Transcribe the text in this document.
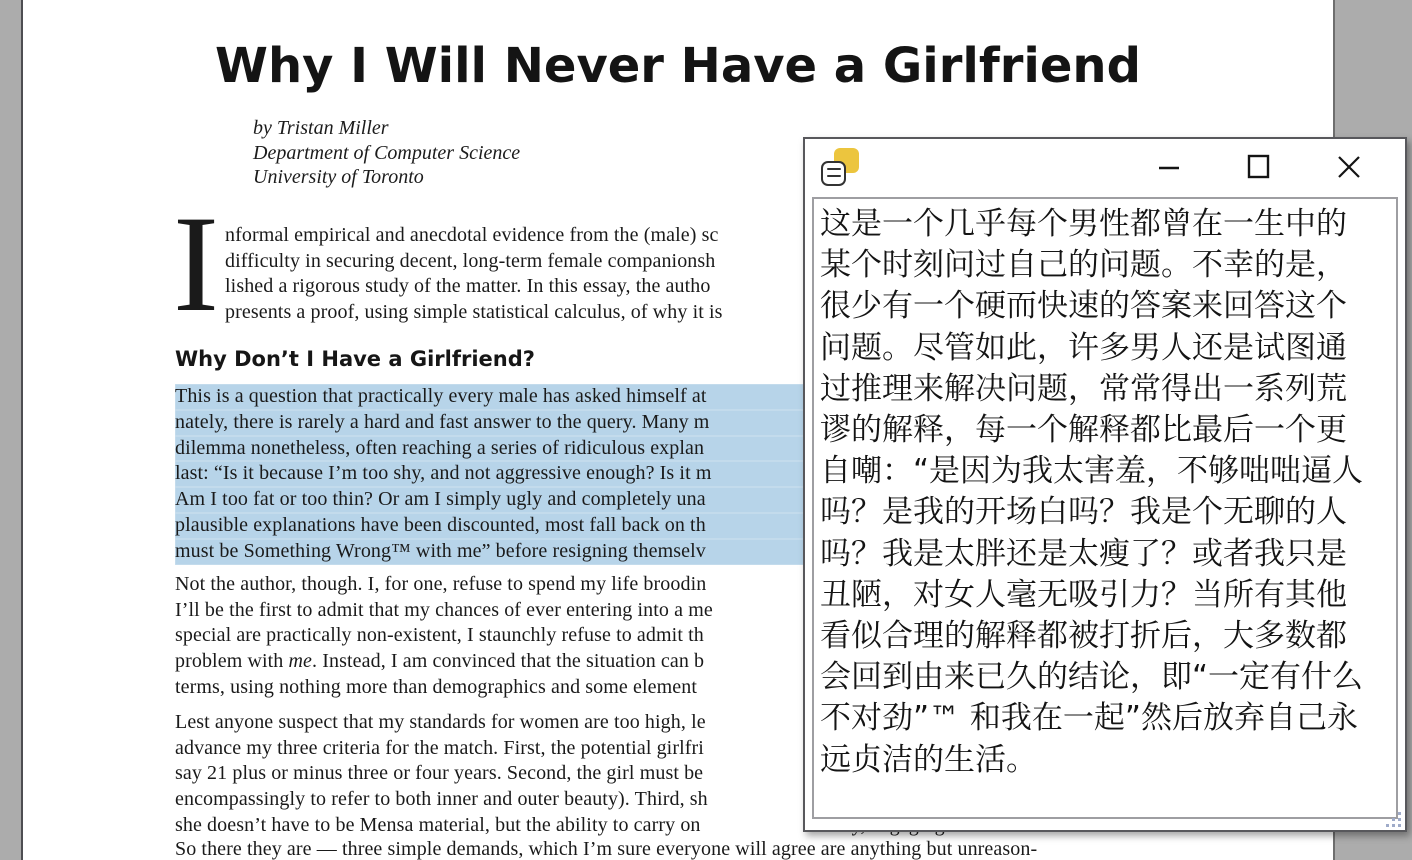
Why I Will Never Have a Girlfriend
by Tristan Miller
Department of Computer Science
University of Toronto
I nformal empirical and anecdotal evidence from the (male) sc
difficulty in securing decent, long-term female companionsh
lished a rigorous study of the matter. In this essay, the autho
presents a proof, using simple statistical calculus, of why it is
Why Don’t I Have a Girlfriend?
This is a question that practically every male has asked himself at
nately, there is rarely a hard and fast answer to the query. Many m
dilemma nonetheless, often reaching a series of ridiculous explan
last: “Is it because I’m too shy, and not aggressive enough? Is it m
Am I too fat or too thin? Or am I simply ugly and completely una
plausible explanations have been discounted, most fall back on th
must be Something Wrong™ with me” before resigning themselv
Not the author, though. I, for one, refuse to spend my life broodin
I’ll be the first to admit that my chances of ever entering into a me
special are practically non-existent, I staunchly refuse to admit th
problem with me. Instead, I am convinced that the situation can b
terms, using nothing more than demographics and some element
Lest anyone suspect that my standards for women are too high, le
advance my three criteria for the match. First, the potential girlfri
say 21 plus or minus three or four years. Second, the girl must be
encompassingly to refer to both inner and outer beauty). Third, sh
she doesn’t have to be Mensa material, but the ability to carry on
So there they are — three simple demands, which I’m sure everyone will agree are anything but unreason-
这是一个几乎每个男性都曾在一生中的
某个时刻问过自己的问题。不幸的是，
很少有一个硬而快速的答案来回答这个
问题。尽管如此，许多男人还是试图通
过推理来解决问题，常常得出一系列荒
谬的解释，每一个解释都比最后一个更
自嘲：“是因为我太害羞，不够咄咄逼人
吗？是我的开场白吗？我是个无聊的人
吗？我是太胖还是太瘦了？或者我只是
丑陋，对女人毫无吸引力？当所有其他
看似合理的解释都被打折后，大多数都
会回到由来已久的结论，即“一定有什么
不对劲”™ 和我在一起”然后放弃自己永
远贞洁的生活。
